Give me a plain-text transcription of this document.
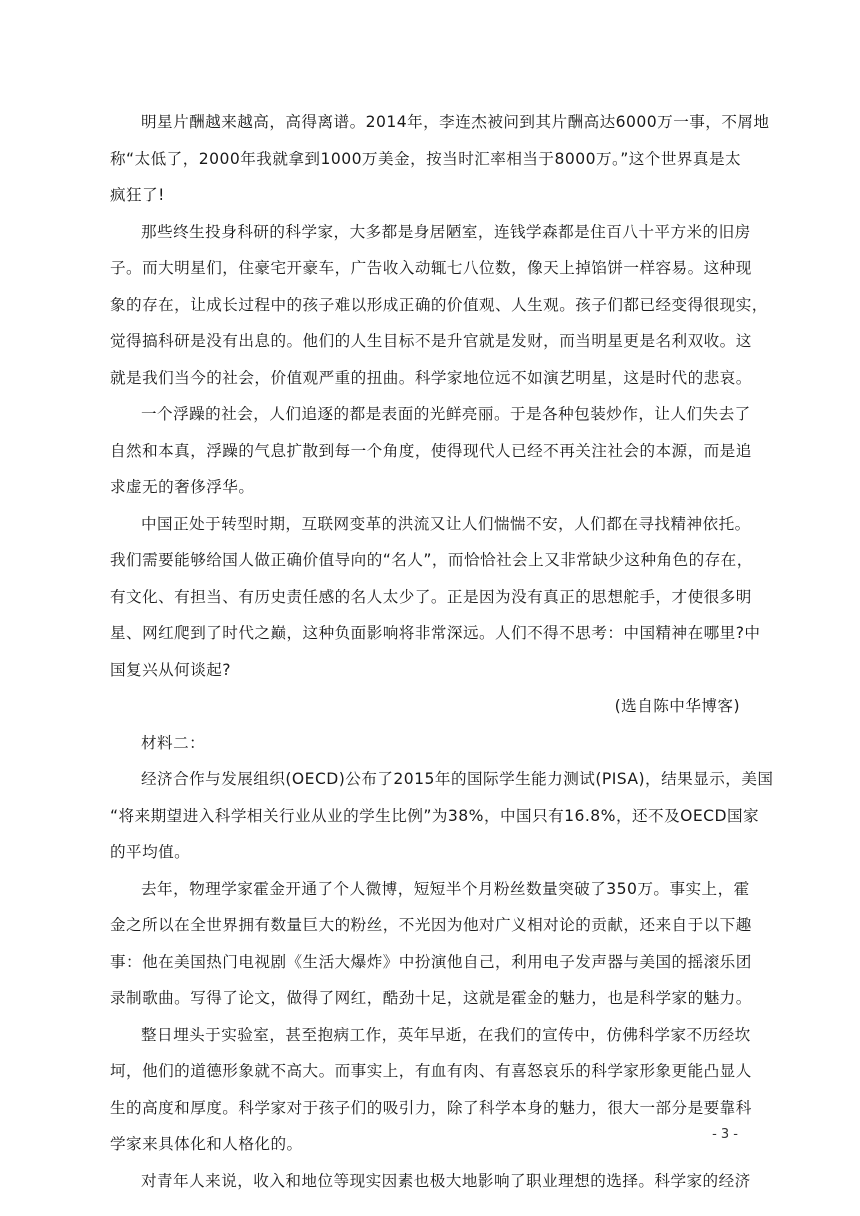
明星片酬越来越高，高得离谱。2014年，李连杰被问到其片酬高达6000万一事，不屑地
称“太低了，2000年我就拿到1000万美金，按当时汇率相当于8000万。”这个世界真是太
疯狂了!
那些终生投身科研的科学家，大多都是身居陋室，连钱学森都是住百八十平方米的旧房
子。而大明星们，住豪宅开豪车，广告收入动辄七八位数，像天上掉馅饼一样容易。这种现
象的存在，让成长过程中的孩子难以形成正确的价值观、人生观。孩子们都已经变得很现实，
觉得搞科研是没有出息的。他们的人生目标不是升官就是发财，而当明星更是名利双收。这
就是我们当今的社会，价值观严重的扭曲。科学家地位远不如演艺明星，这是时代的悲哀。
一个浮躁的社会，人们追逐的都是表面的光鲜亮丽。于是各种包装炒作，让人们失去了
自然和本真，浮躁的气息扩散到每一个角度，使得现代人已经不再关注社会的本源，而是追
求虚无的奢侈浮华。
中国正处于转型时期，互联网变革的洪流又让人们惴惴不安，人们都在寻找精神依托。
我们需要能够给国人做正确价值导向的“名人”，而恰恰社会上又非常缺少这种角色的存在，
有文化、有担当、有历史责任感的名人太少了。正是因为没有真正的思想舵手，才使很多明
星、网红爬到了时代之巅，这种负面影响将非常深远。人们不得不思考：中国精神在哪里?中
国复兴从何谈起?
(选自陈中华博客)
材料二：
经济合作与发展组织(OECD)公布了2015年的国际学生能力测试(PISA)，结果显示，美国
“将来期望进入科学相关行业从业的学生比例”为38%，中国只有16.8%，还不及OECD国家
的平均值。
去年，物理学家霍金开通了个人微博，短短半个月粉丝数量突破了350万。事实上，霍
金之所以在全世界拥有数量巨大的粉丝，不光因为他对广义相对论的贡献，还来自于以下趣
事：他在美国热门电视剧《生活大爆炸》中扮演他自己，利用电子发声器与美国的摇滚乐团
录制歌曲。写得了论文，做得了网红，酷劲十足，这就是霍金的魅力，也是科学家的魅力。
整日埋头于实验室，甚至抱病工作，英年早逝，在我们的宣传中，仿佛科学家不历经坎
坷，他们的道德形象就不高大。而事实上，有血有肉、有喜怒哀乐的科学家形象更能凸显人
生的高度和厚度。科学家对于孩子们的吸引力，除了科学本身的魅力，很大一部分是要靠科
学家来具体化和人格化的。
对青年人来说，收入和地位等现实因素也极大地影响了职业理想的选择。科学家的经济
- 3 -
